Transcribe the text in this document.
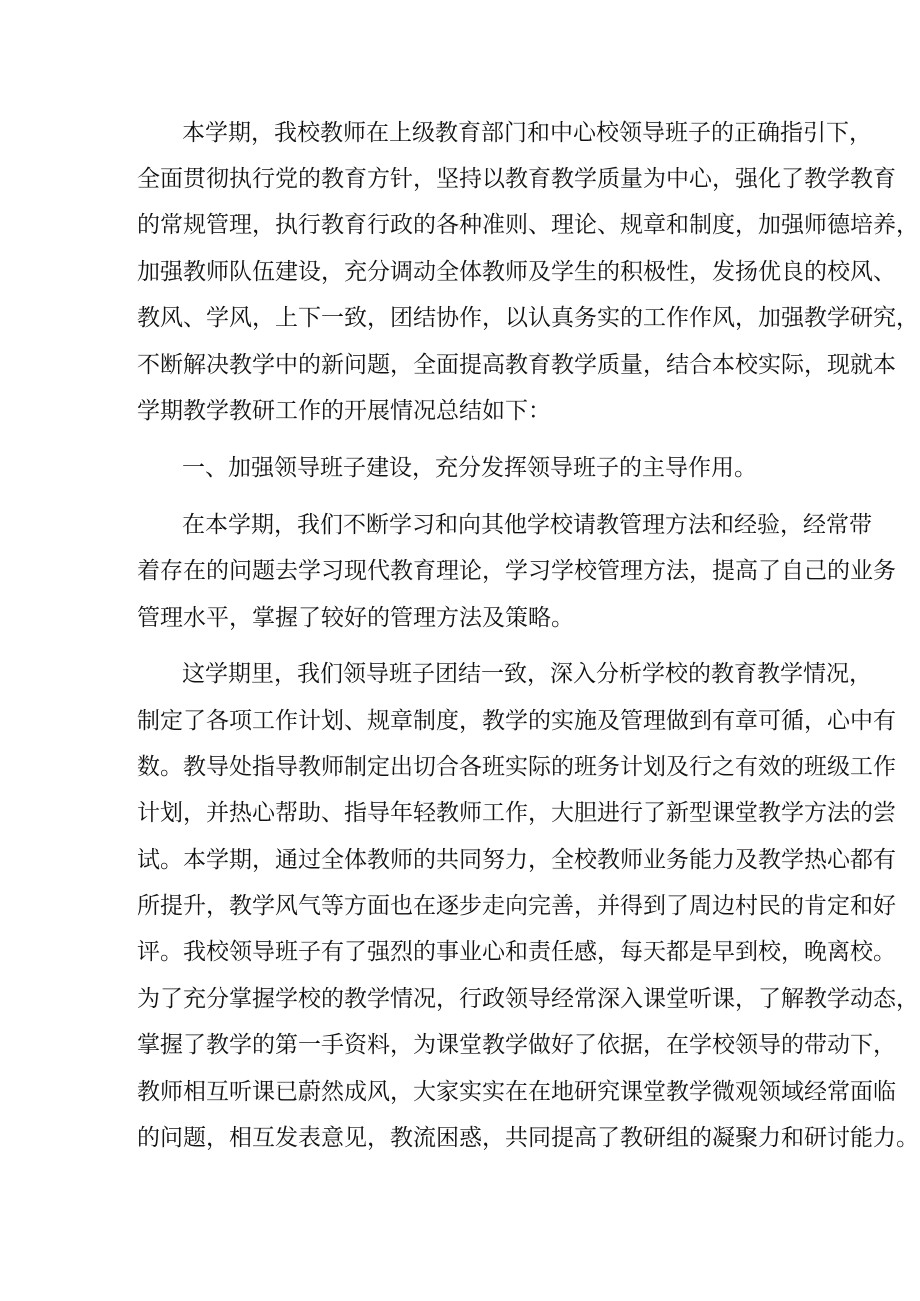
本学期，我校教师在上级教育部门和中心校领导班子的正确指引下，

全面贯彻执行党的教育方针，坚持以教育教学质量为中心，强化了教学教育

的常规管理，执行教育行政的各种准则、理论、规章和制度，加强师德培养，

加强教师队伍建设，充分调动全体教师及学生的积极性，发扬优良的校风、

教风、学风，上下一致，团结协作，以认真务实的工作作风，加强教学研究，

不断解决教学中的新问题，全面提高教育教学质量，结合本校实际，现就本

学期教学教研工作的开展情况总结如下：

一、加强领导班子建设，充分发挥领导班子的主导作用。

在本学期，我们不断学习和向其他学校请教管理方法和经验，经常带

着存在的问题去学习现代教育理论，学习学校管理方法，提高了自己的业务

管理水平，掌握了较好的管理方法及策略。

这学期里，我们领导班子团结一致，深入分析学校的教育教学情况，

制定了各项工作计划、规章制度，教学的实施及管理做到有章可循，心中有

数。教导处指导教师制定出切合各班实际的班务计划及行之有效的班级工作

计划，并热心帮助、指导年轻教师工作，大胆进行了新型课堂教学方法的尝

试。本学期，通过全体教师的共同努力，全校教师业务能力及教学热心都有

所提升，教学风气等方面也在逐步走向完善，并得到了周边村民的肯定和好

评。我校领导班子有了强烈的事业心和责任感，每天都是早到校，晚离校。

为了充分掌握学校的教学情况，行政领导经常深入课堂听课，了解教学动态，

掌握了教学的第一手资料，为课堂教学做好了依据，在学校领导的带动下，

教师相互听课已蔚然成风，大家实实在在地研究课堂教学微观领域经常面临

的问题，相互发表意见，教流困惑，共同提高了教研组的凝聚力和研讨能力。
